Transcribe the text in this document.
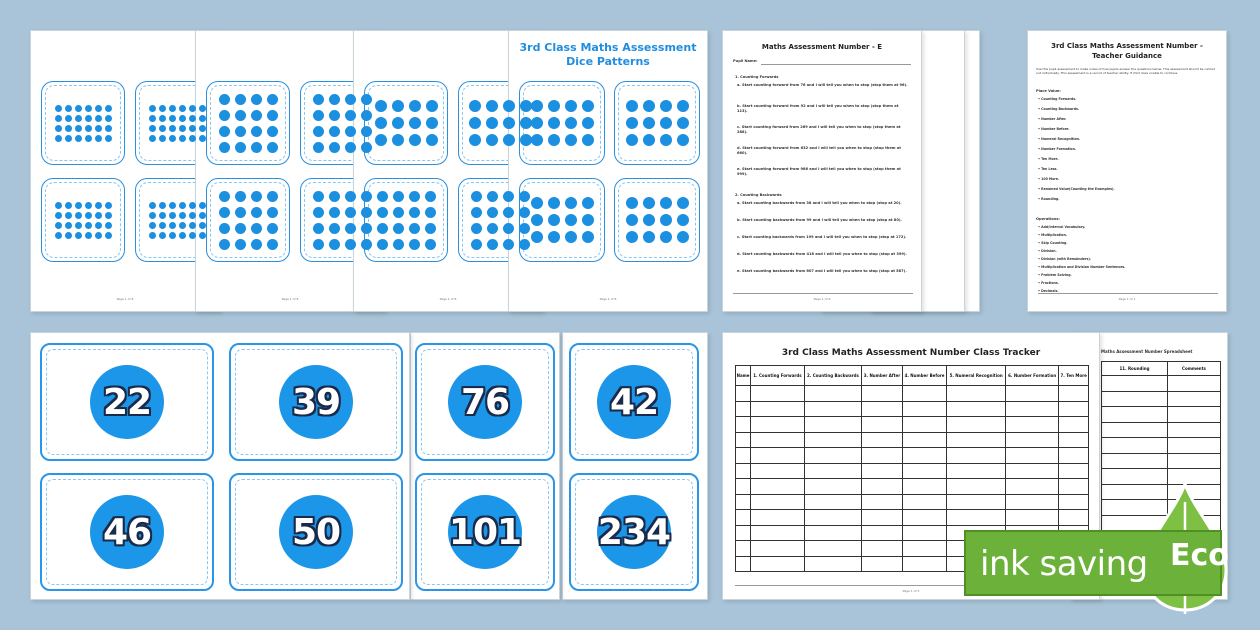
Page 1 of 8	Page 1 of 8	Page 1 of 8
3rd Class Maths Assessment
Dice Patterns
Page 1 of 8
Maths Assessment Number - E
Pupil Name:
1. Counting Forwards
2. Counting Backwards
Page 1 of 6
a. Start counting forward from 76 and I will tell you when to stop (stop them at 96).
b. Start counting forward from 92 and I will tell you when to stop (stop them at 113).
c. Start counting forward from 269 and I will tell you when to stop (stop them at 288).
d. Start counting forward from 632 and I will tell you when to stop (stop them at 660).
e. Start counting forward from 986 and I will tell you when to stop (stop them at 999).
a. Start counting backwards from 38 and I will tell you when to stop (stop at 20).
b. Start counting backwards from 99 and I will tell you when to stop (stop at 80).
c. Start counting backwards from 199 and I will tell you when to stop (stop at 172).
d. Start counting backwards from 416 and I will tell you when to stop (stop at 399).
e. Start counting backwards from 607 and I will tell you when to stop (stop at 587).
3rd Class Maths Assessment Number -
Teacher Guidance
Use this pupil assessment to make notes of how pupils answer the questions below. This assessment should be carried out individually. This assessment is a record of teacher ability. If child does unable to continue.
Place Value:
Operations:
Page 1 of 1
• Counting Forwards.
• Counting Backwards.
• Number After.
• Number Before.
• Numeral Recognition.
• Number Formation.
• Ten More.
• Ten Less.
• 100 More.
• Renamed Value(Counting the Examples).
• Rounding.
• Add/Interval Vocabulary.
• Multiplication.
• Skip Counting.
• Division.
• Division (with Remainders).
• Multiplication and Division Number Sentences.
• Problem Solving.
• Fractions.
• Decimals.
42
234
76
101
22	39
46	50
Maths Assessment Number Spreadsheet
11. Rounding	Comments

3rd Class Maths Assessment Number Class Tracker
Name	1. Counting Forwards	2. Counting Backwards	3. Number After	4. Number Before	5. Numeral Recognition	6. Number Formation	7. Ten More

Page 1 of 5
ink saving Eco
